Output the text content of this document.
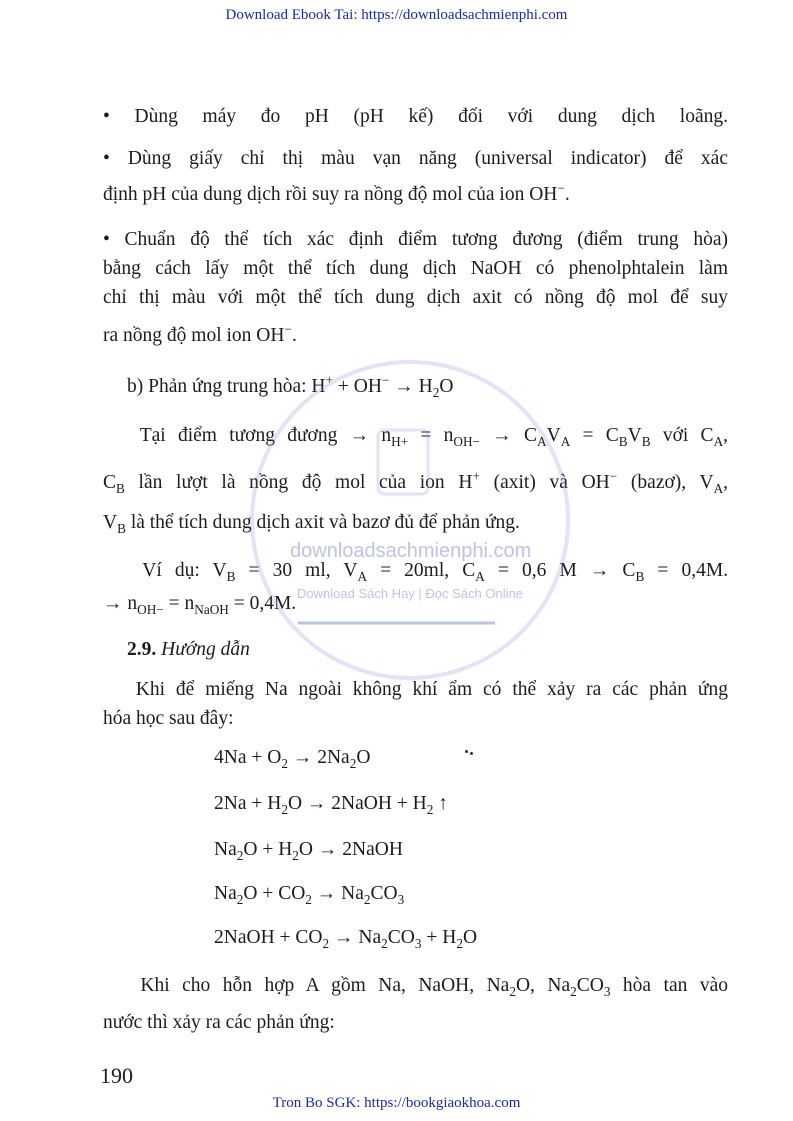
Download Ebook Tai: https://downloadsachmienphi.com
• Dùng máy đo pH (pH kế) đối với dung dịch loãng.
• Dùng giấy chỉ thị màu vạn năng (universal indicator) để xác
định pH của dung dịch rồi suy ra nồng độ mol của ion OH−.
• Chuẩn độ thể tích xác định điểm tương đương (điểm trung hòa)
bằng cách lấy một thể tích dung dịch NaOH có phenolphtalein làm
chỉ thị màu với một thể tích dung dịch axit có nồng độ mol để suy
ra nồng độ mol ion OH−.
b) Phản ứng trung hòa: $H^+ + OH^- \to H_2O$
Tại điểm tương đương → $n_{H+} = n_{OH-} \to C_AV_A = C_BV_B$ với $C_A$,
$C_B$ lần lượt là nồng độ mol của ion H+ (axit) và OH− (bazơ), $V_A$,
$V_B$ là thể tích dung dịch axit và bazơ đủ để phản ứng.
Ví dụ: $V_B = 30$ ml, $V_A = 20ml$, $C_A = 0,6$ $M \to C_B = 0,4M$.
→ $n_{OH-} = n_{NaOH} = 0,4M$.
2.9. Hướng dẫn
Khi để miếng Na ngoài không khí ẩm có thể xảy ra các phản ứng
hóa học sau đây:
$4Na + O_2 \to 2Na_2O$
$2Na + H_2O$ → 2NaOH + $H_2$ ↑
$Na_2O + H_2O$ → 2NaOH
$Na_2O + CO_2 \to Na_2CO_3$
2NaOH + $CO_2 \to Na_2CO_3 + H_2O$
Khi cho hỗn hợp A gồm Na, NaOH, $Na_2O$, $Na_2CO_3$ hòa tan vào
nước thì xảy ra các phản ứng:
190
Tron Bo SGK: https://bookgiaokhoa.com
downloadsachmienphi.com
Download Sách Hay | Đọc Sách Online
